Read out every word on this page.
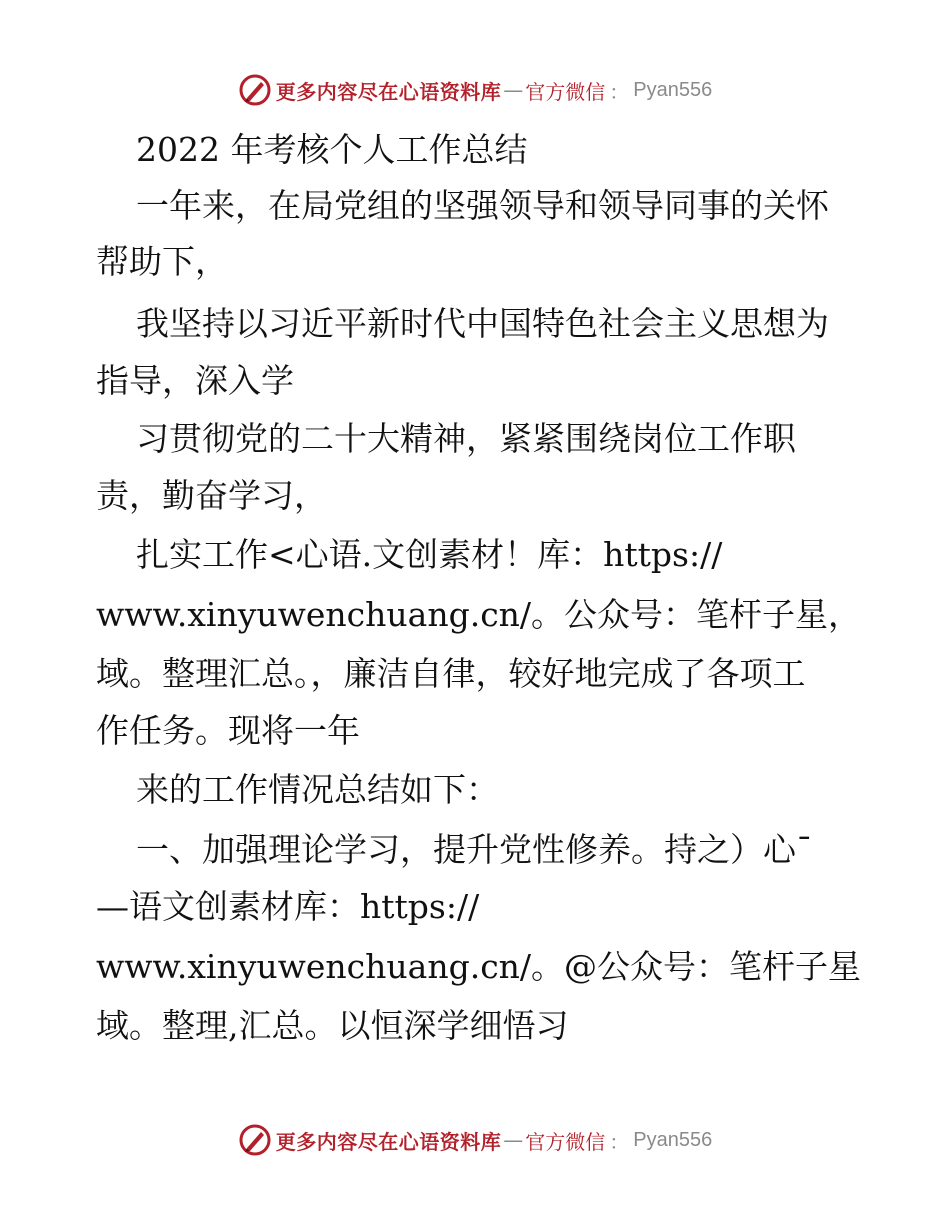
更多内容尽在心语资料库 — 官方微信 ： Pyan556
2022 年考核个人工作总结
一年来，在局党组的坚强领导和领导同事的关怀
帮助下，
我坚持以习近平新时代中国特色社会主义思想为
指导，深入学
习贯彻党的二十大精神，紧紧围绕岗位工作职
责，勤奋学习，
扎实工作<心语.文创素材！库：https://
www.xinyuwenchuang.cn/。公众号：笔杆子星，
域。整理汇总。，廉洁自律，较好地完成了各项工
作任务。现将一年
来的工作情况总结如下：
一、加强理论学习，提升党性修养。持之）心¯
—语文创素材库：https://
www.xinyuwenchuang.cn/。@公众号：笔杆子星
域。整理,汇总。以恒深学细悟习
更多内容尽在心语资料库 — 官方微信 ： Pyan556
